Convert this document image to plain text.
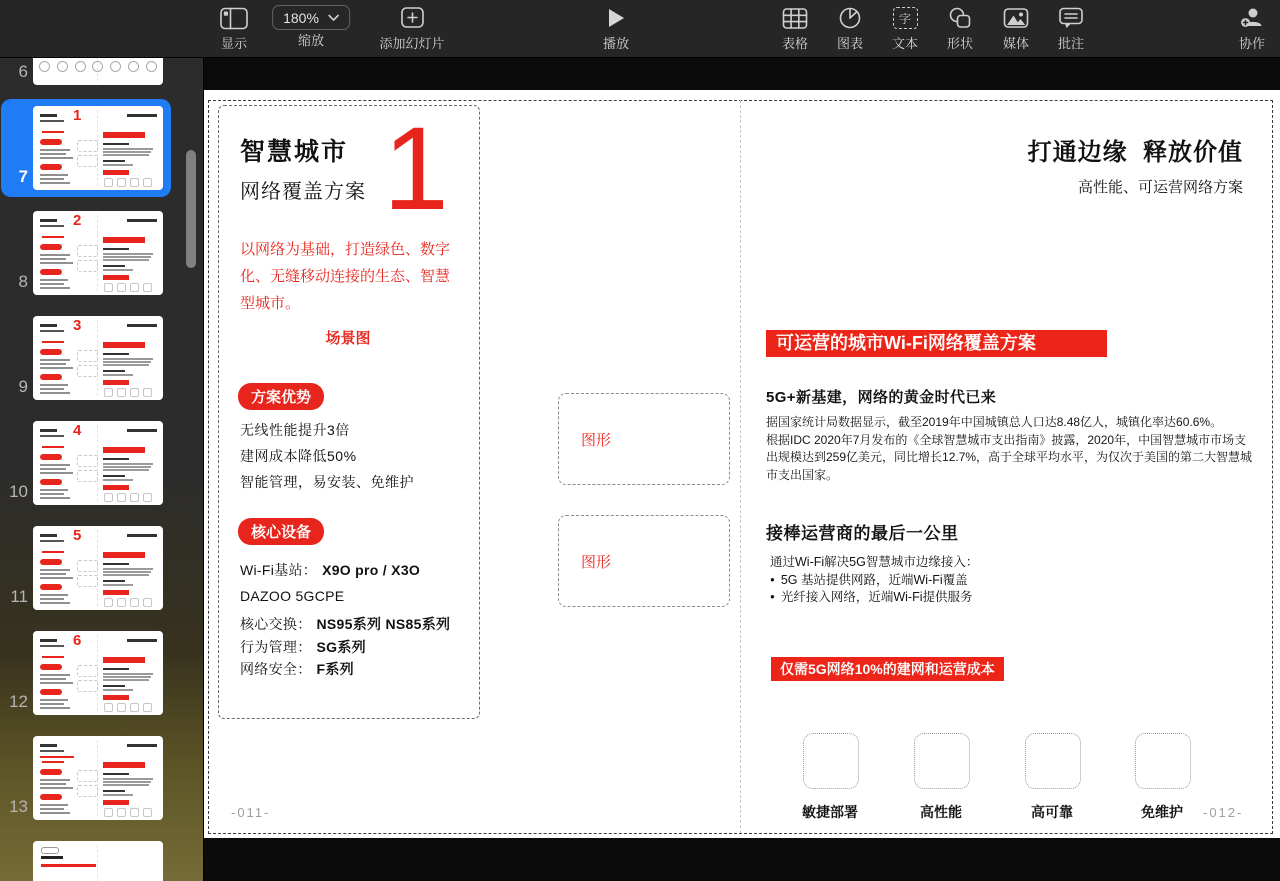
显示
180%
缩放	添加幻灯片	播放	表格 图表
字
文本 形状 媒体 批注	协作
6
7
1
8
2
9
3
10
4
11
5
12
6
13
智慧城市
网络覆盖方案 1
以网络为基础，打造绿色、数字化、无缝移动连接的生态、智慧型城市。
场景图
方案优势
无线性能提升3倍
建网成本降低50%
智能管理，易安装、免维护
核心设备
Wi-Fi基站： X9O pro / X3O
DAZOO 5GCPE
核心交换： NS95系列 NS85系列
行为管理： SG系列
网络安全： F系列
图形
图形
打通边缘  释放价值
高性能、可运营网络方案
可运营的城市Wi-Fi网络覆盖方案
5G+新基建，网络的黄金时代已来
据国家统计局数据显示，截至2019年中国城镇总人口达8.48亿人，城镇化率达60.6%。
根据IDC 2020年7月发布的《全球智慧城市支出指南》披露，2020年，中国智慧城市市场支出规模达到259亿美元，同比增长12.7%，高于全球平均水平，为仅次于美国的第二大智慧城市支出国家。
接棒运营商的最后一公里
通过Wi-Fi解决5G智慧城市边缘接入：
● 5G 基站提供网路，近端Wi-Fi覆盖
● 光纤接入网络，近端Wi-Fi提供服务
仅需5G网络10%的建网和运营成本
敏捷部署	高性能	高可靠	免维护
-011-	-012-
